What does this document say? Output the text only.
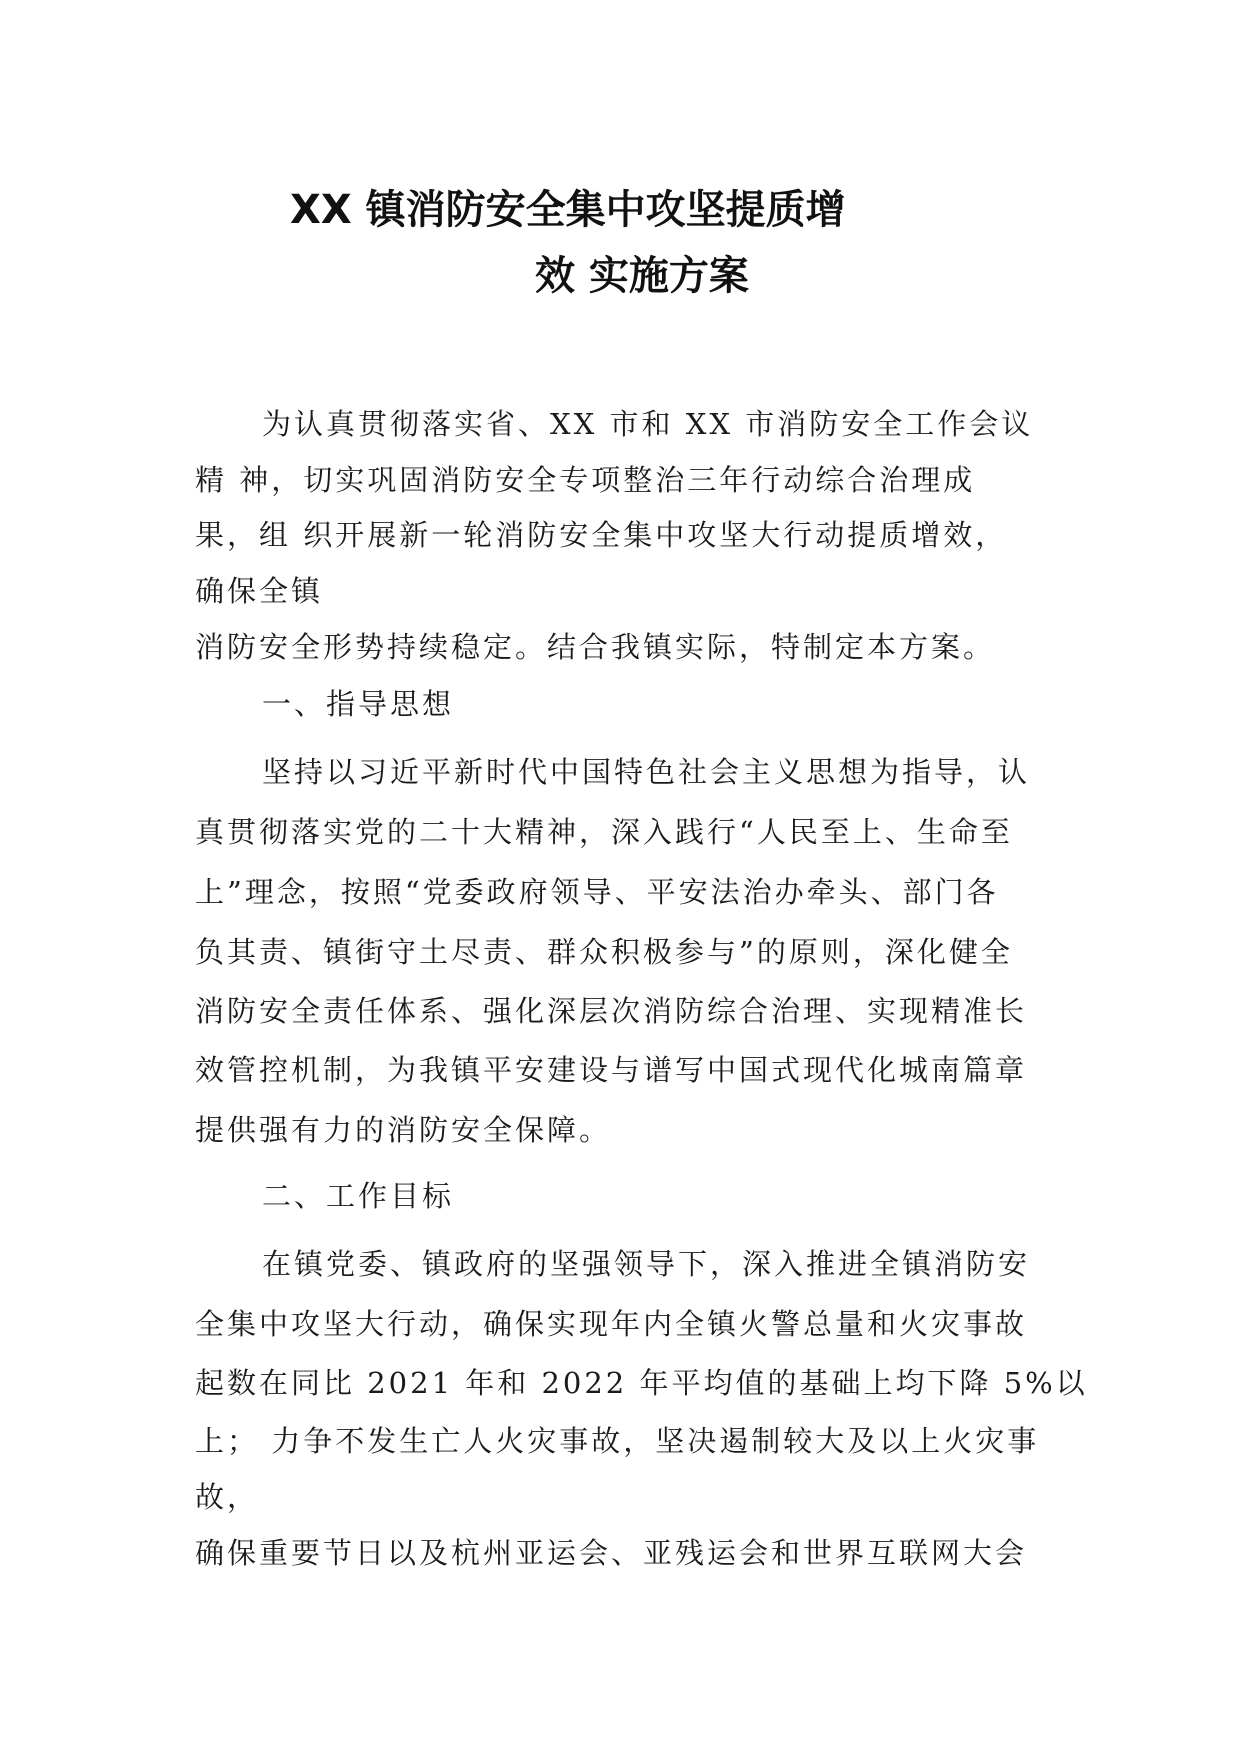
XX 镇消防安全集中攻坚提质增
效 实施方案

为认真贯彻落实省、XX 市和 XX 市消防安全工作会议

精 神，切实巩固消防安全专项整治三年行动综合治理成

果，组 织开展新一轮消防安全集中攻坚大行动提质增效，

确保全镇

消防安全形势持续稳定。结合我镇实际，特制定本方案。

一、指导思想

坚持以习近平新时代中国特色社会主义思想为指导，认

真贯彻落实党的二十大精神，深入践行“人民至上、生命至

上”理念，按照“党委政府领导、平安法治办牵头、部门各

负其责、镇街守土尽责、群众积极参与”的原则，深化健全

消防安全责任体系、强化深层次消防综合治理、实现精准长

效管控机制，为我镇平安建设与谱写中国式现代化城南篇章

提供强有力的消防安全保障。

二、工作目标

在镇党委、镇政府的坚强领导下，深入推进全镇消防安

全集中攻坚大行动，确保实现年内全镇火警总量和火灾事故

起数在同比 2021 年和 2022 年平均值的基础上均下降 5%以

上； 力争不发生亡人火灾事故，坚决遏制较大及以上火灾事

故，

确保重要节日以及杭州亚运会、亚残运会和世界互联网大会
